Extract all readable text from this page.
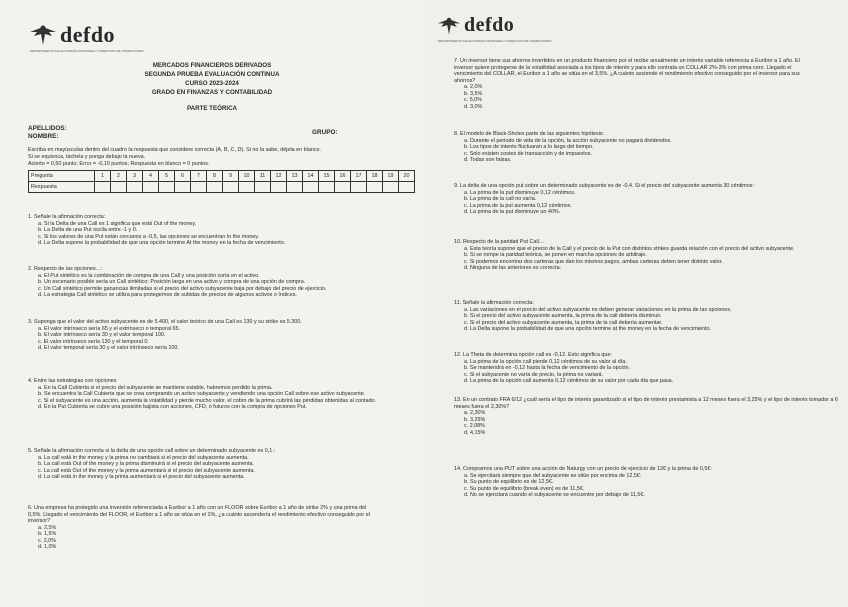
defdo
DEPARTAMENTO DE ECONOMÍA FINANCIERA Y DIRECCIÓN DE OPERACIONES
MERCADOS FINANCIEROS DERIVADOS
SEGUNDA PRUEBA EVALUACIÓN CONTINUA
CURSO 2023-2024
GRADO EN FINANZAS Y CONTABILIDAD
PARTE TEÓRICA
APELLIDOS:
NOMBRE:
GRUPO:
Escriba en mayúsculas dentro del cuadro la respuesta que considere correcta (A, B, C, D). Si no la sabe, déjela en blanco.
Si se equivoca, táchela y ponga debajo la nueva.
Acierto = 0,50 punto; Error = -0,10 puntos; Respuesta en blanco = 0 puntos.
Pregunta	1	2	3	4	5	6	7	8	9	10	11	12	13	14	15	16	17	18	19	20
Respuesta																				
1. Señale la afirmación correcta:
a. Si la Delta de una Call es 1 significa que está Out of the money.
b. La Delta de una Put oscila entre -1 y 0.
c. Si los valores de una Put están cercanos a -0,5, las opciones se encuentran In the money.
d. La Delta supone la probabilidad de que una opción termine At the money en la fecha de vencimiento.
2. Respecto de las opciones…:
a. El Put sintético es la combinación de compra de una Call y una posición corta en el activo.
b. Un escenario posible sería un Call sintético: Posición larga en una activo y compra de una opción de compra.
c. Un Call sintético permite ganancias ilimitadas si el precio del activo subyacente baja por debajo del precio de ejercicio.
d. La estrategia Call sintético se utiliza para protegernos de subidas de precios de algunos activos o índices.
3. Suponga que el valor del activo subyacente es de 5.400, el valor teórico de una Call es 130 y su strike es 5.300.
a. El valor intrínseco sería 65 y el extrínseco o temporal 65.
b. El valor intrínseco sería 30 y el valor temporal 100.
c. El valor intrínseco sería 130 y el temporal 0.
d. El valor temporal sería 30 y el valor intrínseco sería 100.
4. Entre las estrategias con opciones
a. En la Call Cubierta si el precio del subyacente se mantiene estable, habremos perdido la prima.
b. Se encuentra la Call Cubierta que se crea comprando un activo subyacente y vendiendo una opción Call sobre ese activo subyacente.
c. Si el subyacente es una acción, aumenta la volatilidad y pierde mucho valor, el cobro de la prima cubrirá las pérdidas obtenidas al contado.
d. En la Put Cubierta se cubre una posición bajista con acciones, CFD, o futuros con la compra de opciones Put.
5. Señale la afirmación correcta si la delta de una opción call sobre un determinado subyacente es 0,1.:
a. La call está in the money y la prima no cambiará si el precio del subyacente aumenta.
b. La call está Out of the money y la prima disminuirá si el precio del subyacente aumenta.
c. La call está Out of the money y la prima aumentará si el precio del subyacente aumenta.
d. La call está in the money y la prima aumentará si el precio del subyacente aumenta.
6. Una empresa ha protegido una inversión referenciada a Euribor a 1 año con un FLOOR sobre Euribor a 1 año de strike 2% y una prima del 0,5%. Llegado el vencimiento del FLOOR, el Euribor a 1 año se sitúa en el 1%, ¿a cuánto ascendería el rendimiento efectivo conseguido por el inversor?
a. 2,5%
b. 1,5%
c. 2,0%
d. 1,0%
defdo
DEPARTAMENTO DE ECONOMÍA FINANCIERA Y DIRECCIÓN DE OPERACIONES
7. Un inversor tiene sus ahorros invertidos en un producto financiero por el recibe anualmente un interés variable referencia a Euribor a 1 año. El inversor quiere protegerse de la volatilidad asociada a los tipos de interés y para ello contrata un COLLAR 2%-3% con prima cero. Llegado el vencimiento del COLLAR, el Euribor a 1 año se sitúa en el 3,5%. ¿A cuánto asciende el rendimiento efectivo conseguido por el inversor para sus ahorros?
a. 2,0%
b. 3,5%
c. 5,0%
d. 3,0%
8. El modelo de Black-Sholes parte de las siguientes hipótesis:
a. Durante el periodo de vida de la opción, la acción subyacente no pagará dividendos.
b. Los tipos de interés fluctuaran a lo largo del tiempo.
c. Solo existen costes de transacción y de impuestos.
d. Todas son falsas.
9. La delta de una opción put sobre un determinado subyacente es de -0,4. Si el precio del subyacente aumenta 30 céntimos:
a. La prima de la put disminuye 0,12 céntimos.
b. La prima de la call no varía.
c. La prima de la put aumenta 0,12 céntimos.
d. La prima de la put disminuye un 40%.
10. Respecto de la paridad Put Call…
a. Esta teoría supone que el precio de la Call y el precio de la Put con distintos strikes guarda relación con el precio del activo subyacente.
b. Si se rompe la paridad teórica, se ponen en marcha opciones de arbitraje.
c. Si podemos encontrar dos carteras que dan los mismos pagos, ambas carteras deben tener distinto valor.
d. Ninguna de las anteriores es correcta.
11. Señale la afirmación correcta:
a. Las variaciones en el precio del activo subyacente no deben generar variaciones en la prima de las opciones.
b. Si el precio del activo subyacente aumenta, la prima de la call debería disminuir.
c. Si el precio del activo subyacente aumenta, la prima de la call debería aumentar.
d. La Delta supone la probabilidad de que una opción termine at the money en la fecha de vencimiento.
12. La Theta de determina opción call es -0,12. Esto significa que:
a. La prima de la opción call pierde 0,12 céntimos de su valor al día.
b. Se mantendrá en -0,12 hasta la fecha de vencimiento de la opción.
c. Si el subyacente no varía de precio, la prima no variará.
d. La prima de la opción call aumenta 0,12 céntimos de su valor por cada día que pasa.
13. En un contrato FRA 6/12 ¿cuál sería el tipo de interés garantizado si el tipo de interés prestamista a 12 meses fuera el 3,25% y el tipo de interés tomador a 6 meses fuera el 2,30%?
a. 2,30%
b. 3.25%
c. 2.08%
d. 4,15%
14. Compramos una PUT sobre una acción de Naturgy con un precio de ejercicio de 12€ y la prima de 0,5€:
a. Se ejercitará siempre que del subyacente se sitúe por encima de 12,5€.
b. Su punto de equilibrio es de 12,5€.
c. Su punto de equilibrio (break even) es de 11,5€.
d. No se ejercitará cuando el subyacente se encuentre por debajo de 11,5€.
